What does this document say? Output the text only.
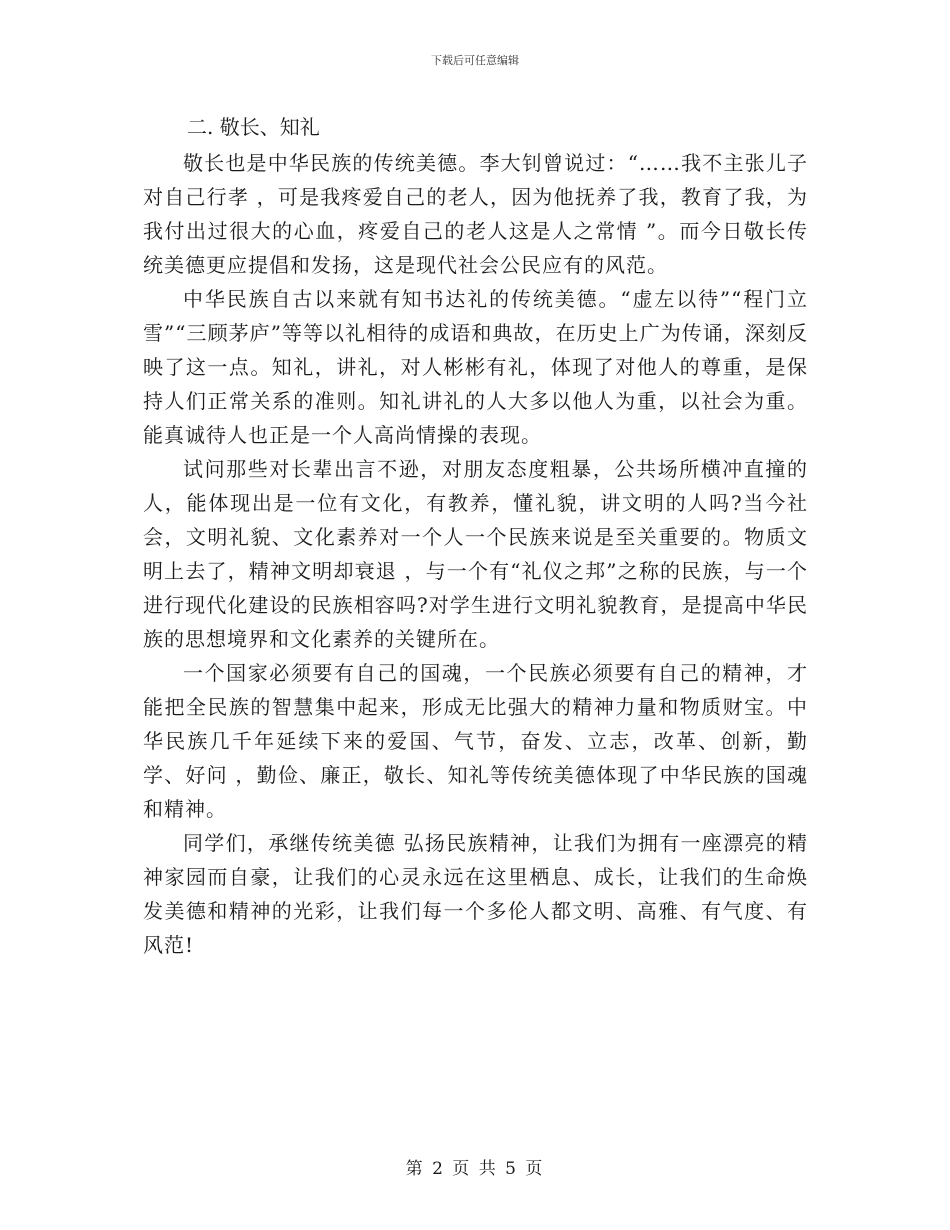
下载后可任意编辑
二. 敬长、知礼

敬长也是中华民族的传统美德。李大钊曾说过：“……我不主张儿子对自己行孝 ，可是我疼爱自己的老人，因为他抚养了我，教育了我，为我付出过很大的心血，疼爱自己的老人这是人之常情 ”。而今日敬长传统美德更应提倡和发扬，这是现代社会公民应有的风范。

中华民族自古以来就有知书达礼的传统美德。“虚左以待”“程门立雪”“三顾茅庐”等等以礼相待的成语和典故，在历史上广为传诵，深刻反映了这一点。知礼，讲礼，对人彬彬有礼，体现了对他人的尊重，是保持人们正常关系的准则。知礼讲礼的人大多以他人为重，以社会为重。能真诚待人也正是一个人高尚情操的表现。

试问那些对长辈出言不逊，对朋友态度粗暴，公共场所横冲直撞的人，能体现出是一位有文化，有教养，懂礼貌，讲文明的人吗?当今社会，文明礼貌、文化素养对一个人一个民族来说是至关重要的。物质文明上去了，精神文明却衰退 ，与一个有“礼仪之邦”之称的民族，与一个进行现代化建设的民族相容吗?对学生进行文明礼貌教育，是提高中华民族的思想境界和文化素养的关键所在。

一个国家必须要有自己的国魂，一个民族必须要有自己的精神，才能把全民族的智慧集中起来，形成无比强大的精神力量和物质财宝。中华民族几千年延续下来的爱国、气节，奋发、立志，改革、创新，勤学、好问 ，勤俭、廉正，敬长、知礼等传统美德体现了中华民族的国魂和精神。

同学们，承继传统美德 弘扬民族精神，让我们为拥有一座漂亮的精神家园而自豪，让我们的心灵永远在这里栖息、成长，让我们的生命焕发美德和精神的光彩，让我们每一个多伦人都文明、高雅、有气度、有风范!

第 2 页 共 5 页
